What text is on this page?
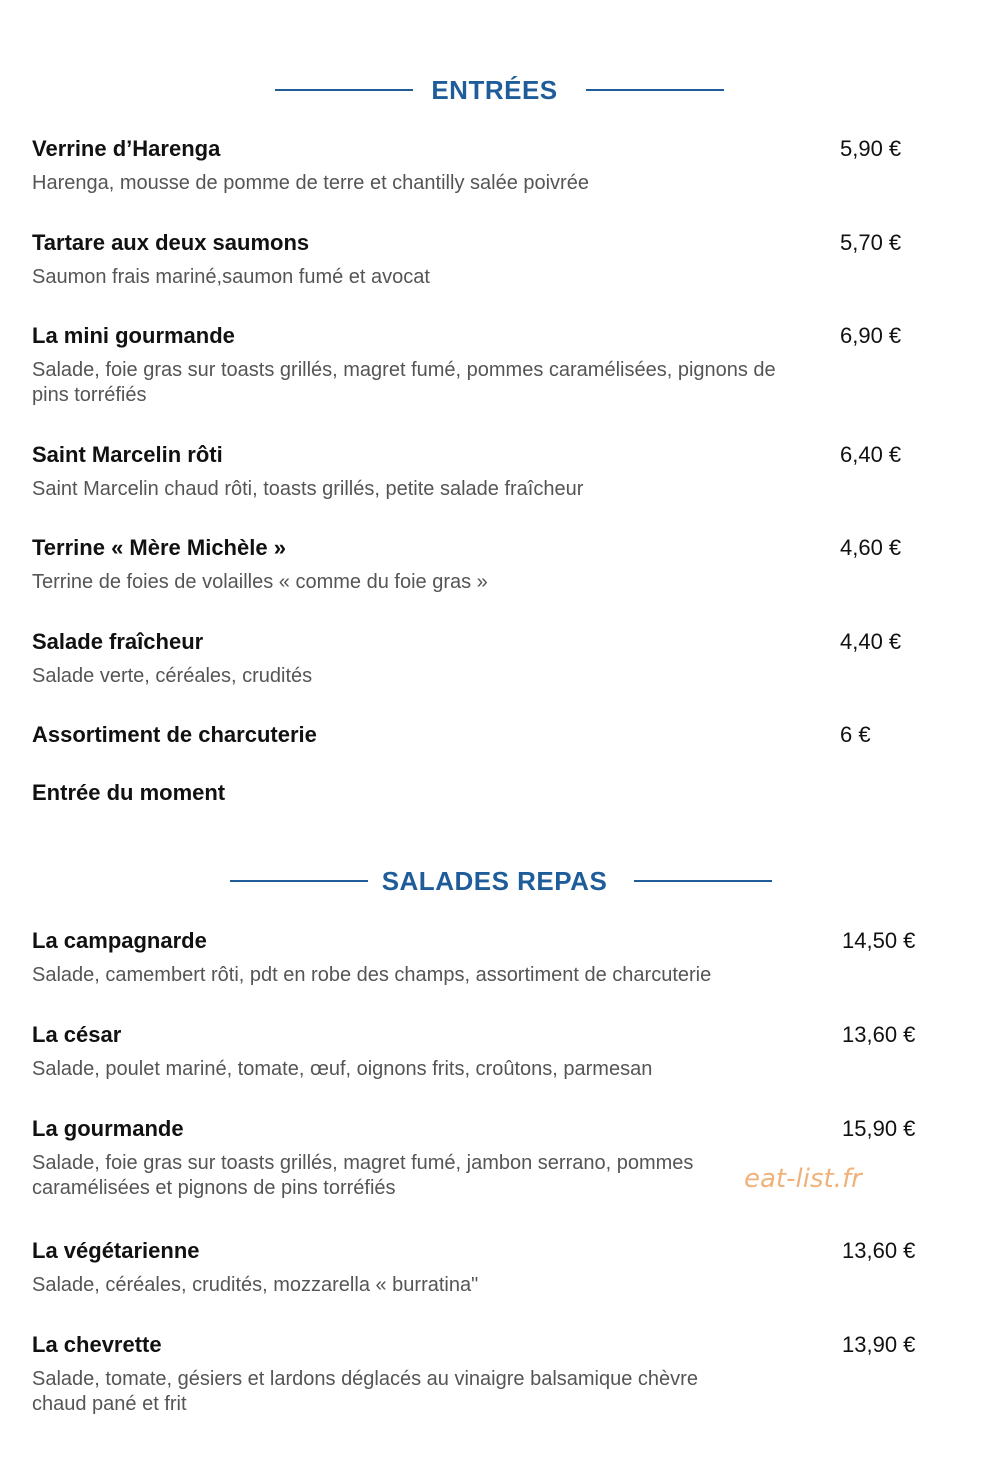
ENTRÉES
Verrine d’Harenga	5,90 €
Harenga, mousse de pomme de terre et chantilly salée poivrée
Tartare aux deux saumons	5,70 €
Saumon frais mariné,saumon fumé et avocat
La mini gourmande	6,90 €
Salade, foie gras sur toasts grillés, magret fumé, pommes caramélisées, pignons de pins torréfiés
Saint Marcelin rôti	6,40 €
Saint Marcelin chaud rôti, toasts grillés, petite salade fraîcheur
Terrine « Mère Michèle »	4,60 €
Terrine de foies de volailles « comme du foie gras »
Salade fraîcheur	4,40 €
Salade verte, céréales, crudités
Assortiment de charcuterie	6 €
Entrée du moment
SALADES REPAS
La campagnarde	14,50 €
Salade, camembert rôti, pdt en robe des champs, assortiment de charcuterie
La césar	13,60 €
Salade, poulet mariné, tomate, œuf, oignons frits, croûtons, parmesan
La gourmande	15,90 €
Salade, foie gras sur toasts grillés, magret fumé, jambon serrano, pommes caramélisées et pignons de pins torréfiés
La végétarienne	13,60 €
Salade, céréales, crudités, mozzarella « burratina"
La chevrette	13,90 €
Salade, tomate, gésiers et lardons déglacés au vinaigre balsamique chèvre chaud pané et frit
eat-list.fr
